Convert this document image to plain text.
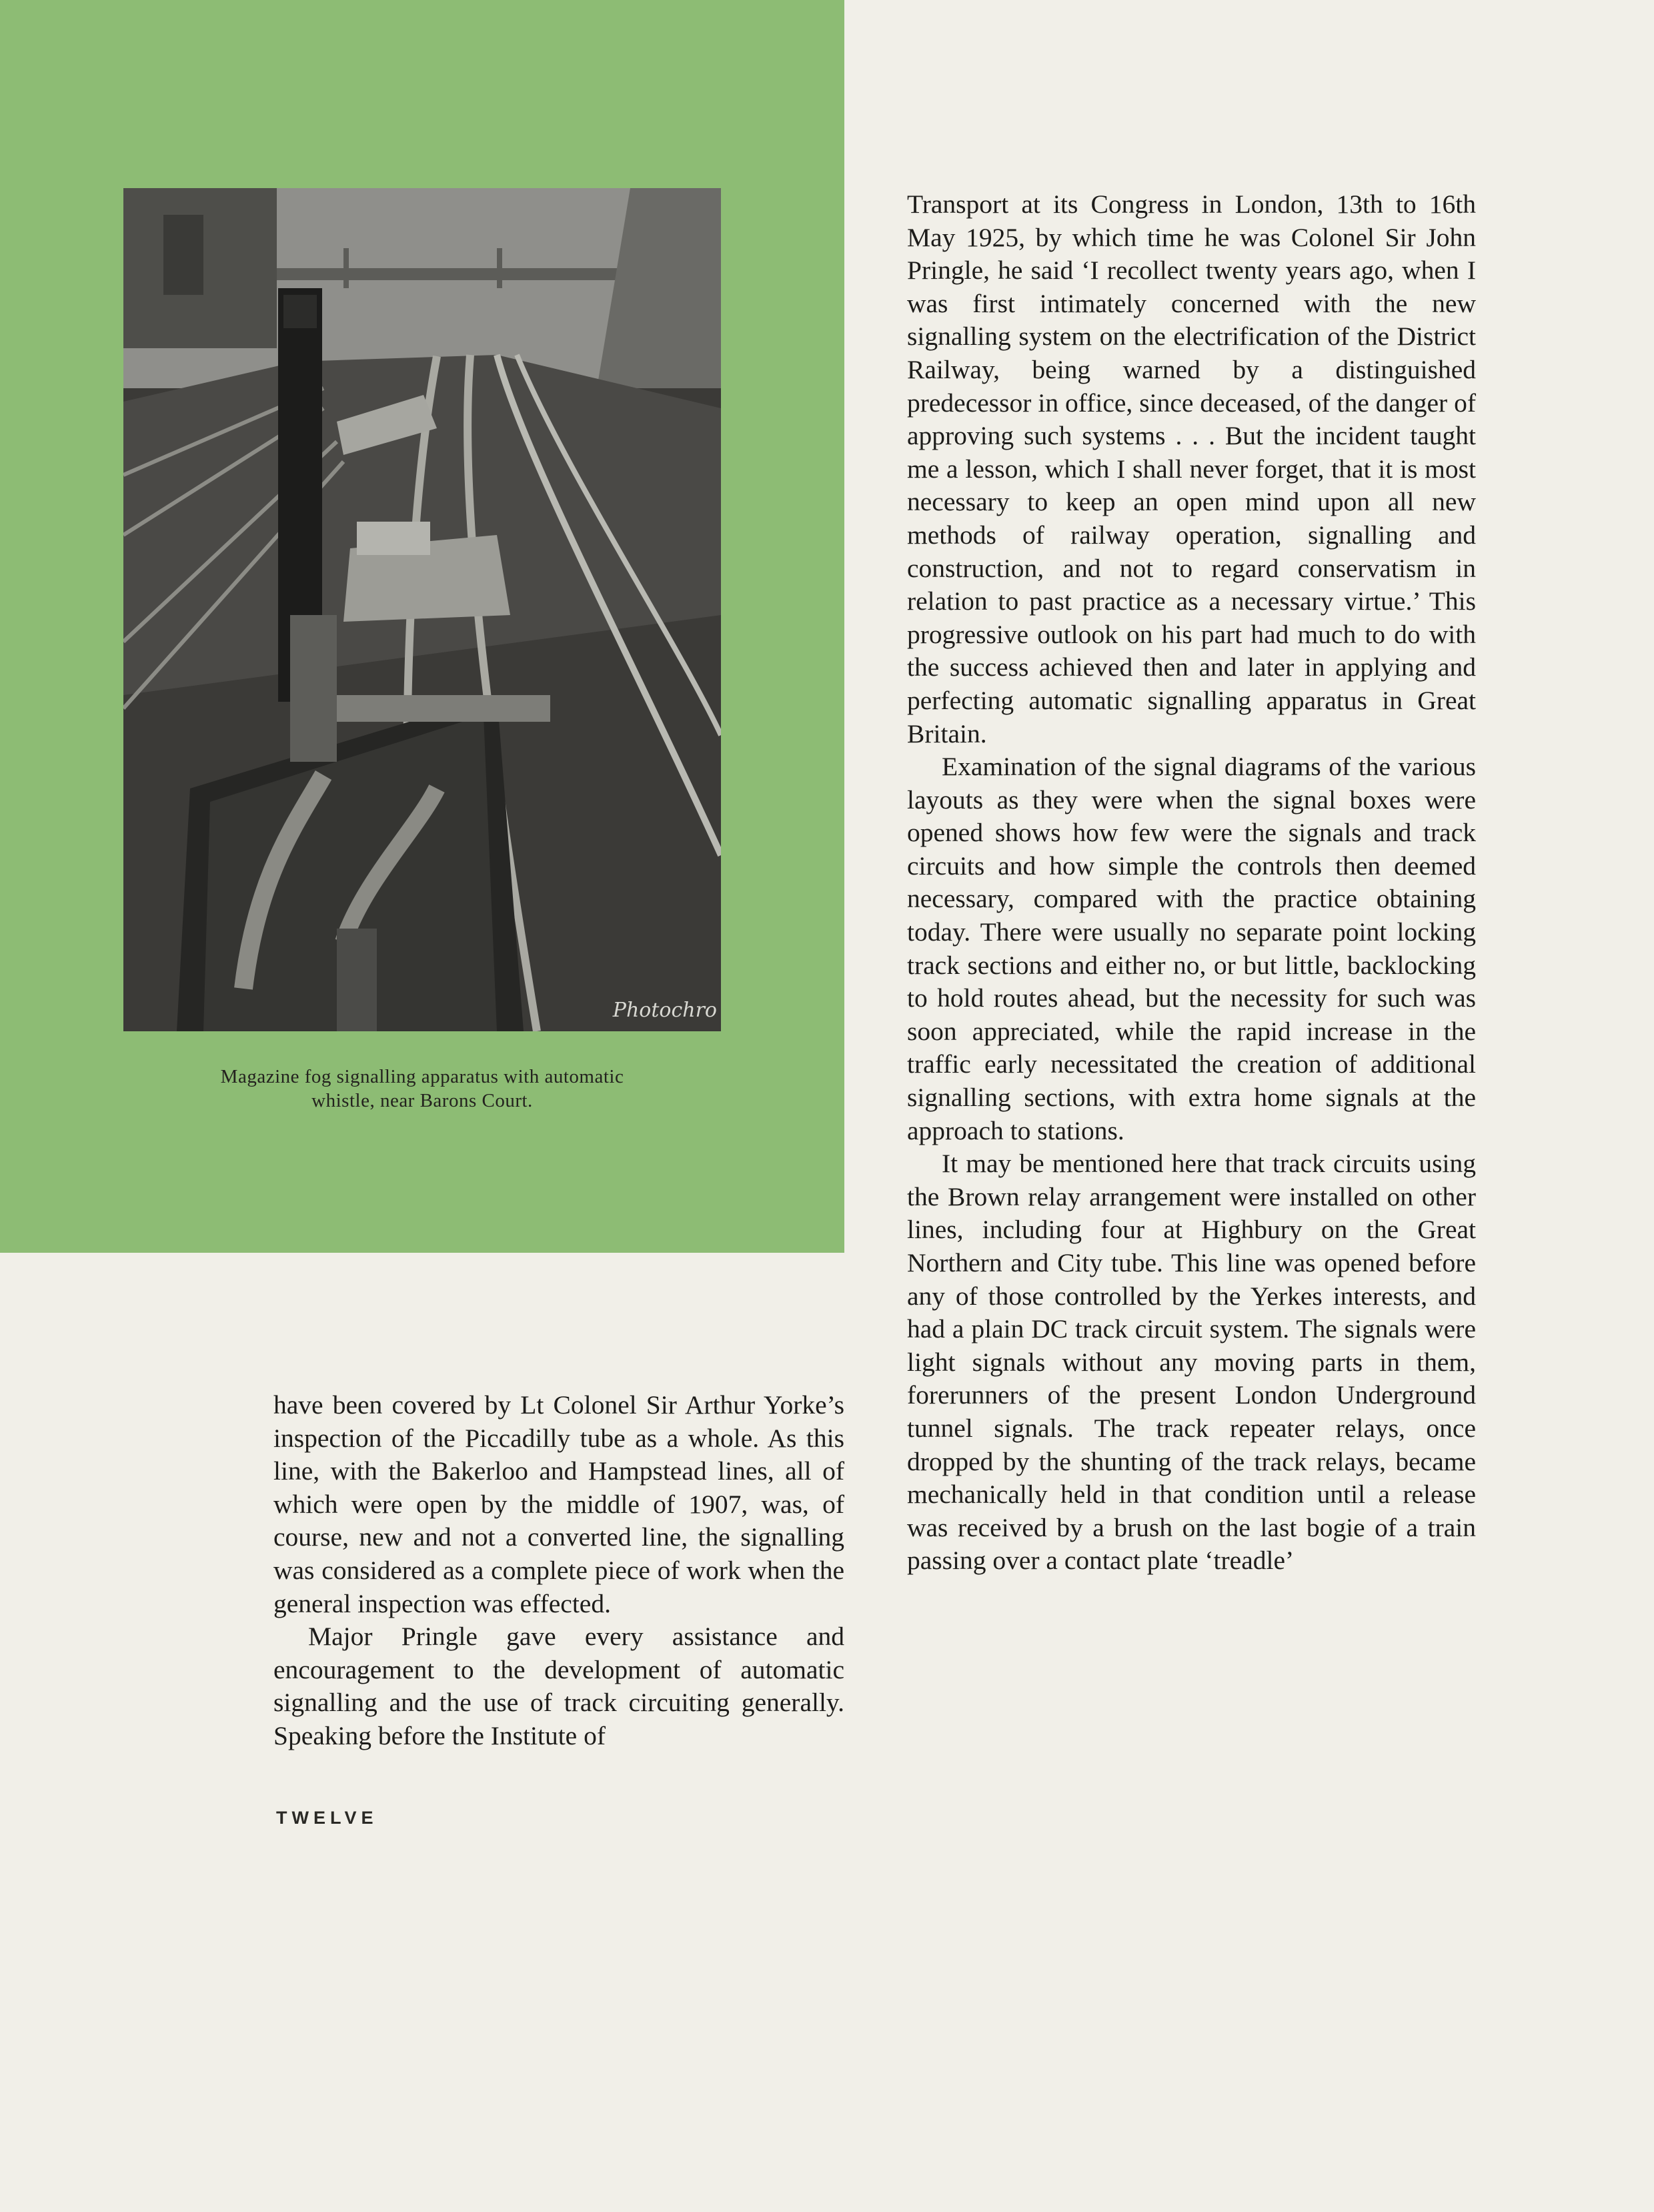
Photochro
Magazine fog signalling apparatus with automatic
whistle, near Barons Court.

Transport at its Congress in London, 13th to 16th May 1925, by which time he was Colonel Sir John Pringle, he said ‘I recollect twenty years ago, when I was first intimately concerned with the new signalling system on the electrification of the District Railway, being warned by a distinguished predecessor in office, since deceased, of the danger of approving such systems . . . But the incident taught me a lesson, which I shall never forget, that it is most necessary to keep an open mind upon all new methods of railway operation, signalling and construction, and not to regard conservatism in relation to past practice as a necessary virtue.’ This progressive outlook on his part had much to do with the success achieved then and later in applying and perfecting automatic signalling apparatus in Great Britain.

Examination of the signal diagrams of the various layouts as they were when the signal boxes were opened shows how few were the signals and track circuits and how simple the controls then deemed necessary, compared with the practice obtaining today. There were usually no separate point locking track sections and either no, or but little, backlocking to hold routes ahead, but the necessity for such was soon appreciated, while the rapid increase in the traffic early necessitated the creation of additional signalling sections, with extra home signals at the approach to stations.

It may be mentioned here that track circuits using the Brown relay arrangement were installed on other lines, including four at Highbury on the Great Northern and City tube. This line was opened before any of those controlled by the Yerkes interests, and had a plain DC track circuit system. The signals were light signals without any moving parts in them, forerunners of the present London Underground tunnel signals. The track repeater relays, once dropped by the shunting of the track relays, became mechanically held in that condition until a release was received by a brush on the last bogie of a train passing over a contact plate ‘treadle’

have been covered by Lt Colonel Sir Arthur Yorke’s inspection of the Piccadilly tube as a whole. As this line, with the Bakerloo and Hampstead lines, all of which were open by the middle of 1907, was, of course, new and not a converted line, the signalling was considered as a complete piece of work when the general inspection was effected.

Major Pringle gave every assistance and encouragement to the development of automatic signalling and the use of track circuiting generally. Speaking before the Institute of

TWELVE
